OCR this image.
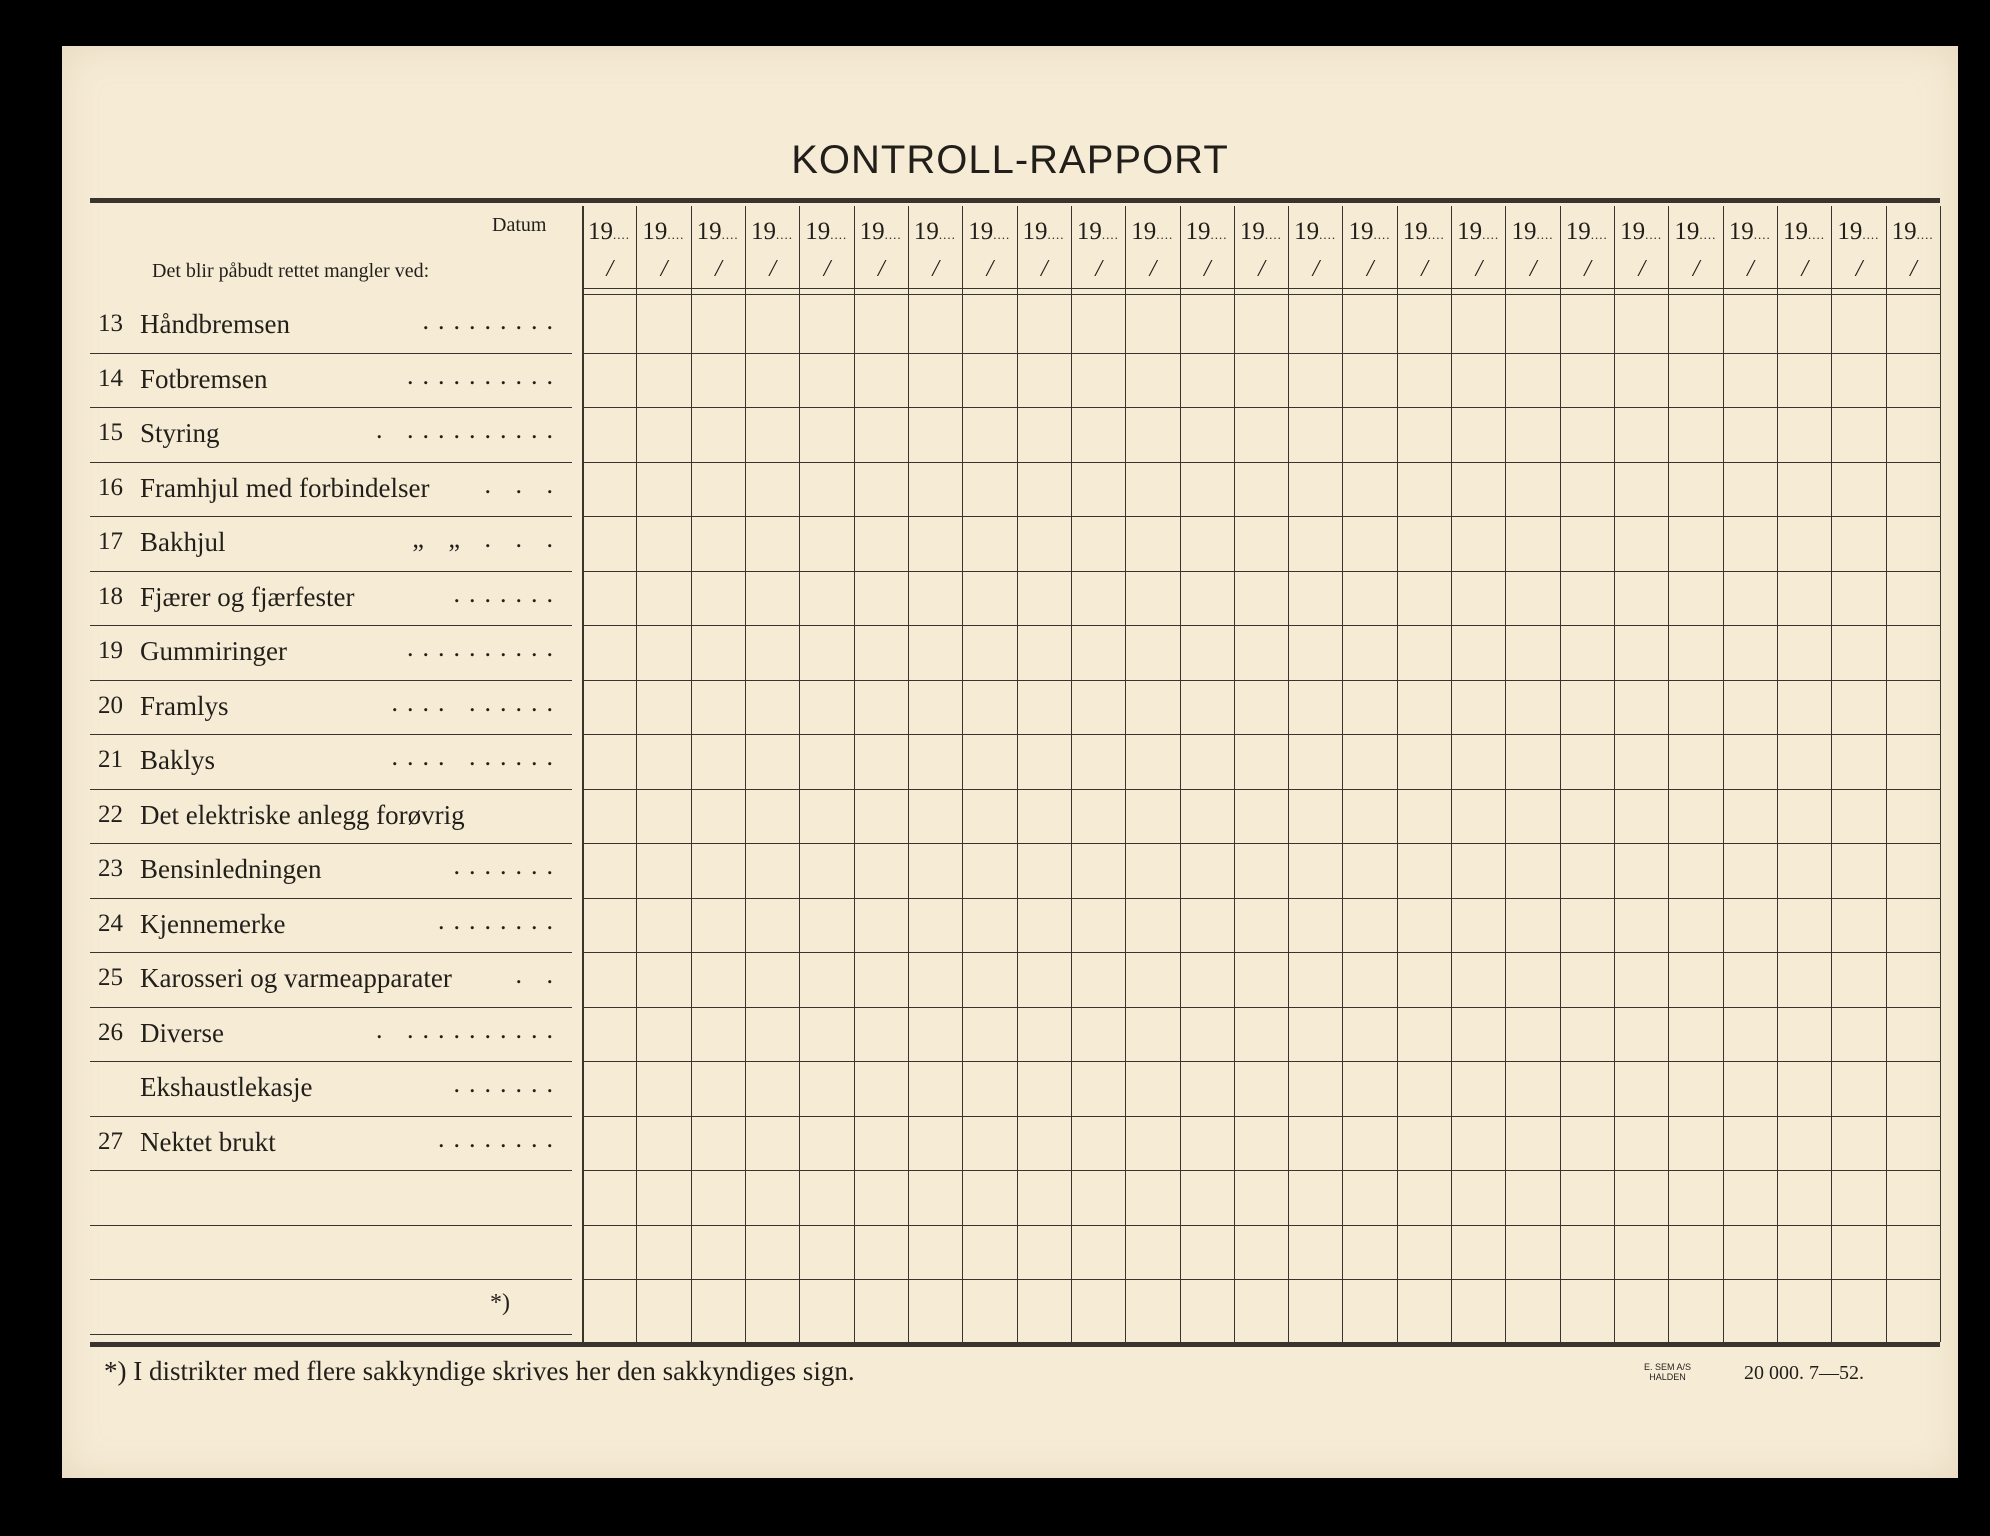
KONTROLL-RAPPORT
Datum
Det blir påbudt rettet mangler ved:
19....
/
19....
/
19....
/
19....
/
19....
/
19....
/
19....
/
19....
/
19....
/
19....
/
19....
/
19....
/
19....
/
19....
/
19....
/
19....
/
19....
/
19....
/
19....
/
19....
/
19....
/
19....
/
19....
/
19....
/
19....
/
13 Håndbremsen	.........
14 Fotbremsen	..........
15 Styring	. ..........
16 Framhjul med forbindelser . . .
17 Bakhjul	„ „ . . .
18 Fjærer og fjærfester	.......
19 Gummiringer	..........
20 Framlys	.... ......
21 Baklys	.... ......
22 Det elektriske anlegg forøvrig
23 Bensinledningen	.......
24 Kjennemerke	........
25 Karosseri og varmeapparater . .
26 Diverse	. ..........
Ekshaustlekasje	.......
27 Nektet brukt	........
*)
*) I distrikter med flere sakkyndige skrives her den sakkyndiges sign.	E. SEM A/S
HALDEN	20 000. 7—52.
